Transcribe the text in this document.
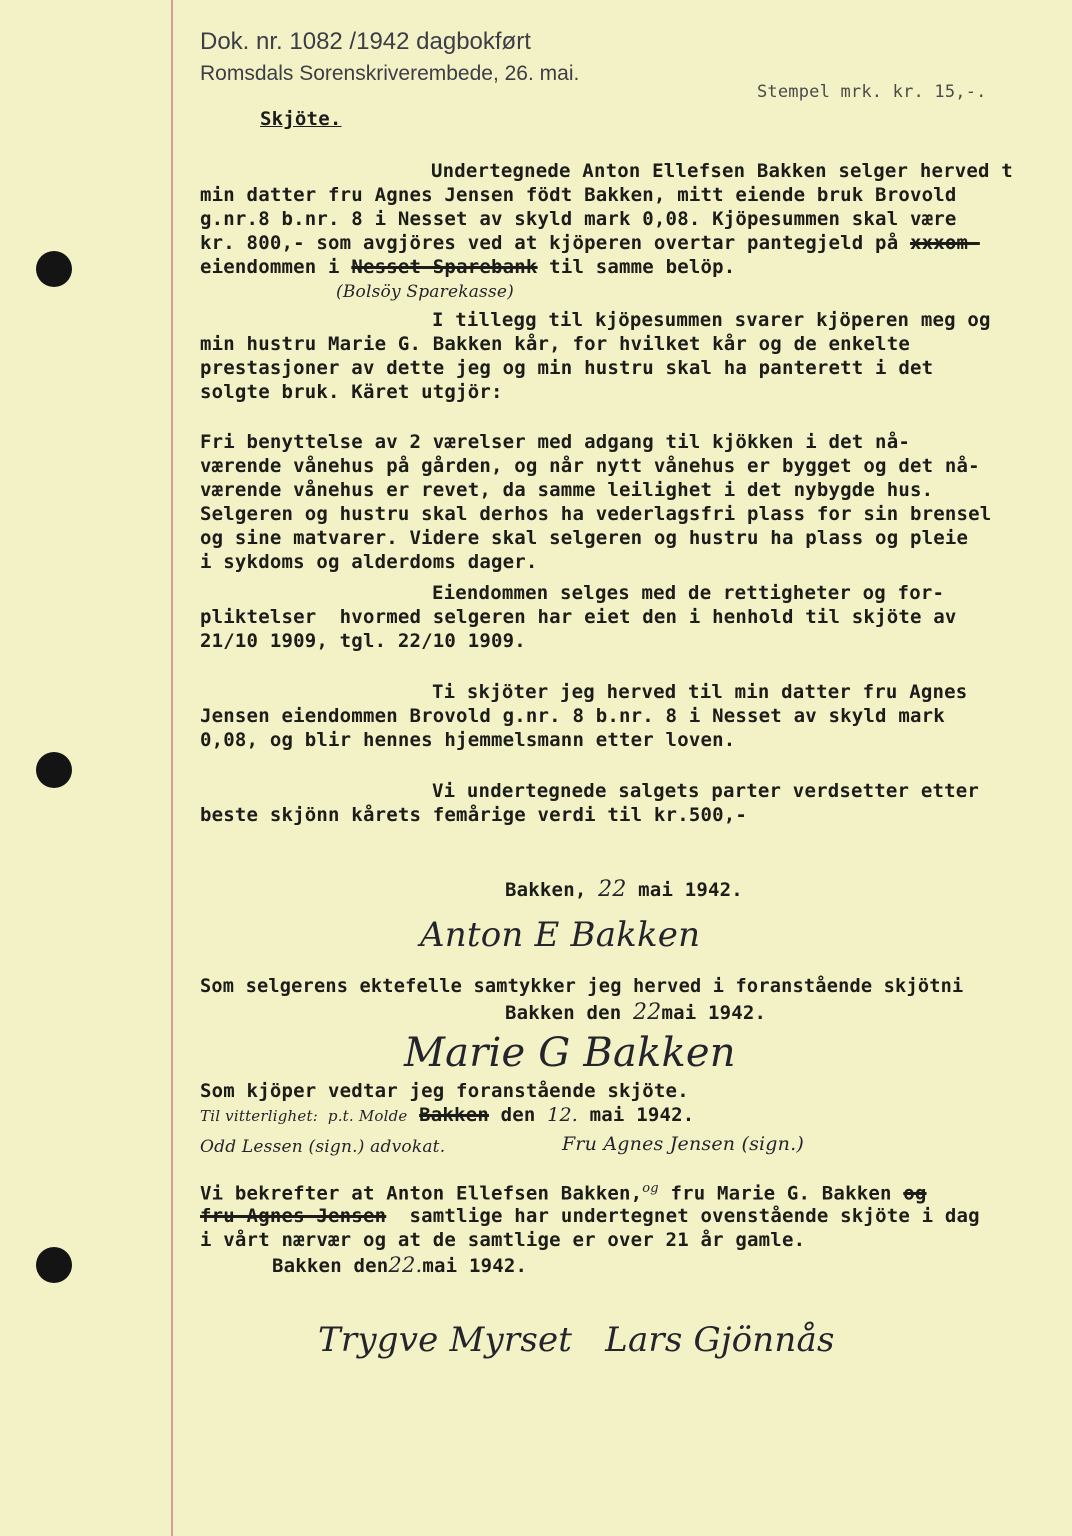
Dok. nr. 1082 /1942 dagbokført
Romsdals Sorenskriverembede, 26. mai.
Stempel mrk. kr. 15,-.
Skjöte.
Undertegnede Anton Ellefsen Bakken selger herved t
min datter fru Agnes Jensen födt Bakken, mitt eiende bruk Brovold
g.nr.8 b.nr. 8 i Nesset av skyld mark 0,08. Kjöpesummen skal være
kr. 800,- som avgjöres ved at kjöperen overtar pantegjeld på xxxom-
eiendommen i Nesset Sparebank til samme belöp.
(Bolsöy Sparekasse)
I tillegg til kjöpesummen svarer kjöperen meg og
min hustru Marie G. Bakken kår, for hvilket kår og de enkelte
prestasjoner av dette jeg og min hustru skal ha panterett i det
solgte bruk. Käret utgjör:
Fri benyttelse av 2 værelser med adgang til kjökken i det nå-
værende vånehus på gården, og når nytt vånehus er bygget og det nå-
værende vånehus er revet, da samme leilighet i det nybygde hus.
Selgeren og hustru skal derhos ha vederlagsfri plass for sin brensel
og sine matvarer. Videre skal selgeren og hustru ha plass og pleie
i sykdoms og alderdoms dager.
Eiendommen selges med de rettigheter og for-
pliktelser  hvormed selgeren har eiet den i henhold til skjöte av
21/10 1909, tgl. 22/10 1909.
Ti skjöter jeg herved til min datter fru Agnes
Jensen eiendommen Brovold g.nr. 8 b.nr. 8 i Nesset av skyld mark
0,08, og blir hennes hjemmelsmann etter loven.
Vi undertegnede salgets parter verdsetter etter
beste skjönn kårets femårige verdi til kr.500,-
Bakken, 22 mai 1942.
Anton E Bakken
Som selgerens ektefelle samtykker jeg herved i foranstående skjötni
Bakken den 22mai 1942.
Marie G Bakken
Som kjöper vedtar jeg foranstående skjöte.
Til vitterlighet:  p.t. Molde Bakken den 12. mai 1942.
Odd Lessen (sign.) advokat.	Fru Agnes Jensen (sign.)
Vi bekrefter at Anton Ellefsen Bakken,$^{og}$ fru Marie G. Bakken og
fru Agnes Jensen  samtlige har undertegnet ovenstående skjöte i dag
i vårt nærvær og at de samtlige er over 21 år gamle.
Bakken den22.mai 1942.
Trygve Myrset   Lars Gjönnås
